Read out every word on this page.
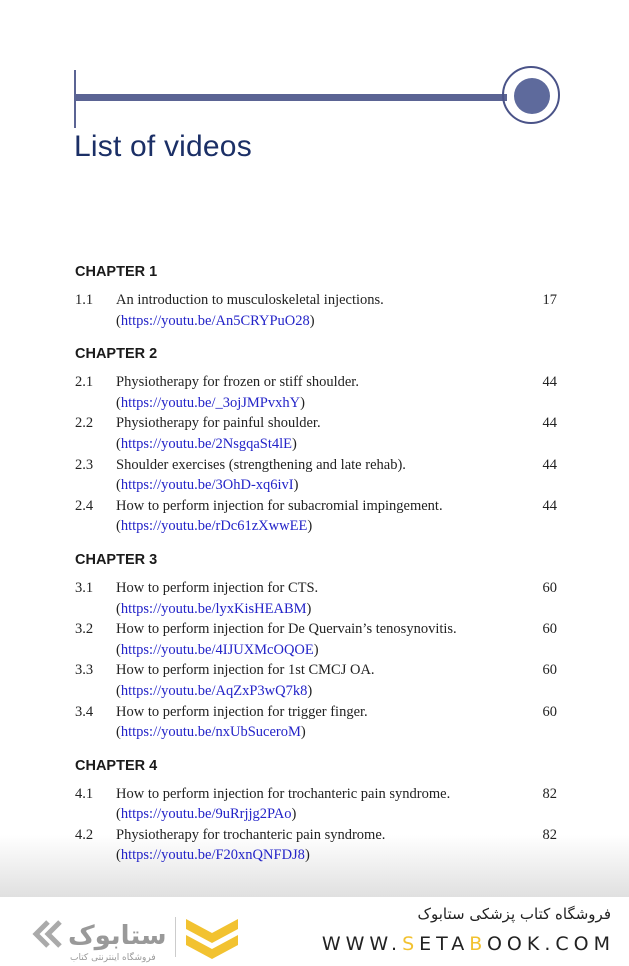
List of videos
CHAPTER 1
1.1 An introduction to musculoskeletal injections.
(https://youtu.be/An5CRYPuO28)
17
CHAPTER 2
2.1 Physiotherapy for frozen or stiff shoulder.
(https://youtu.be/_3ojJMPvxhY)
44
2.2 Physiotherapy for painful shoulder.
(https://youtu.be/2NsgqaSt4lE)
44
2.3 Shoulder exercises (strengthening and late rehab).
(https://youtu.be/3OhD-xq6ivI)
44
2.4 How to perform injection for subacromial impingement.
(https://youtu.be/rDc61zXwwEE)
44
CHAPTER 3
3.1 How to perform injection for CTS.
(https://youtu.be/lyxKisHEABM)
60
3.2 How to perform injection for De Quervain’s tenosynovitis.
(https://youtu.be/4IJUXMcOQOE)
60
3.3 How to perform injection for 1st CMCJ OA.
(https://youtu.be/AqZxP3wQ7k8)
60
3.4 How to perform injection for trigger finger.
(https://youtu.be/nxUbSuceroM)
60
CHAPTER 4
4.1 How to perform injection for trochanteric pain syndrome.
(https://youtu.be/9uRrjjg2PAo)
82
4.2 Physiotherapy for trochanteric pain syndrome.
(https://youtu.be/F20xnQNFDJ8)
82
ستابوک
فروشگاه اینترنتی کتاب
فروشگاه کتاب پزشکی ستابوک
WWW.SETABOOK.COM
